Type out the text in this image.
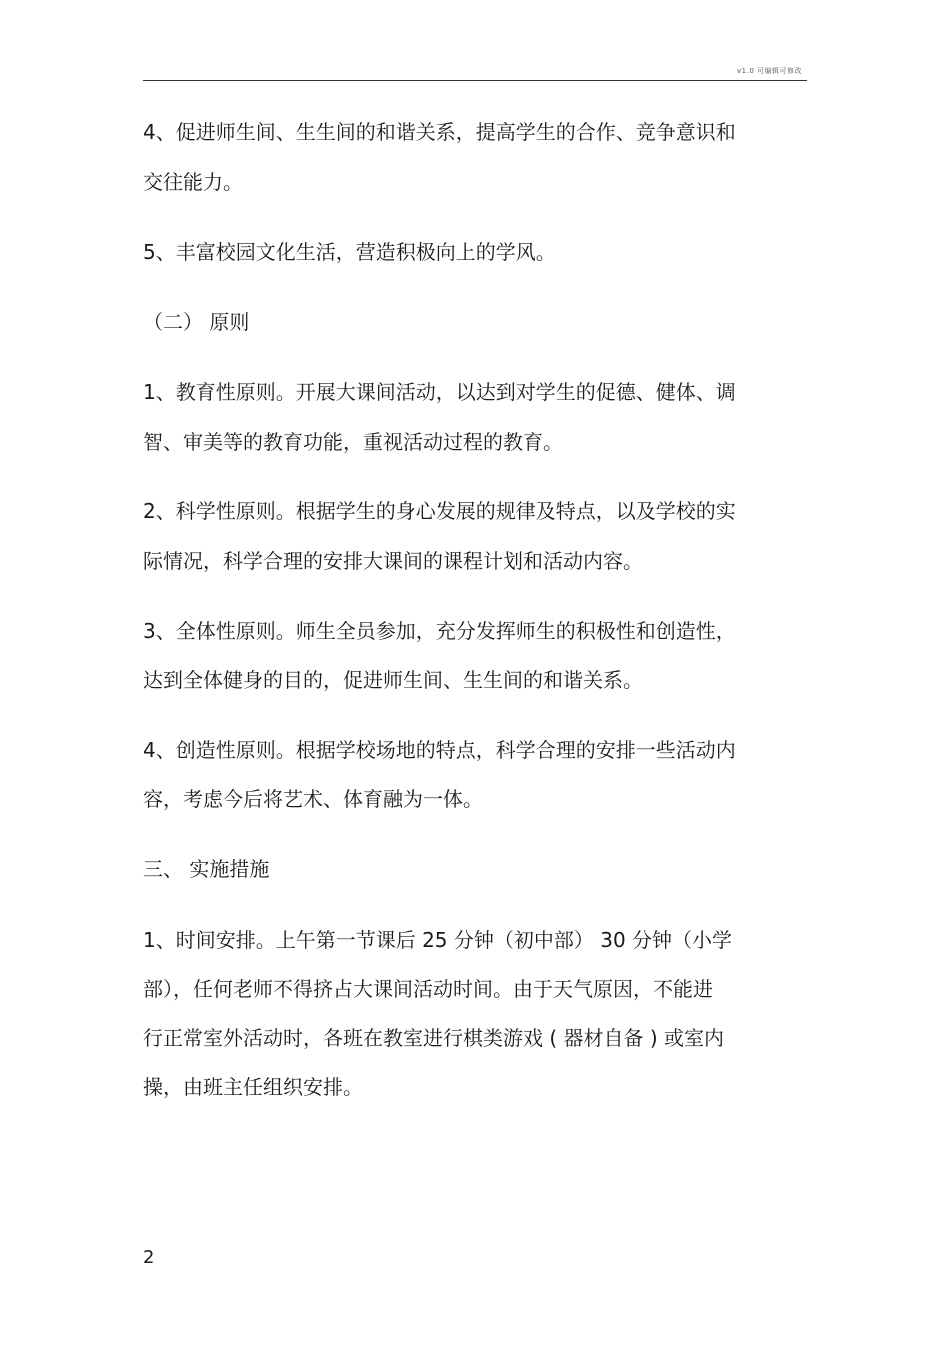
v1.0 可编辑可修改
4、促进师生间、生生间的和谐关系，提高学生的合作、竞争意识和
交往能力。
5、丰富校园文化生活，营造积极向上的学风。
（二） 原则
1、教育性原则。开展大课间活动，以达到对学生的促德、健体、调
智、审美等的教育功能，重视活动过程的教育。
2、科学性原则。根据学生的身心发展的规律及特点，以及学校的实
际情况，科学合理的安排大课间的课程计划和活动内容。
3、全体性原则。师生全员参加，充分发挥师生的积极性和创造性，
达到全体健身的目的，促进师生间、生生间的和谐关系。
4、创造性原则。根据学校场地的特点，科学合理的安排一些活动内
容，考虑今后将艺术、体育融为一体。
三、 实施措施
1、时间安排。上午第一节课后 25 分钟（初中部） 30 分钟（小学
部），任何老师不得挤占大课间活动时间。由于天气原因，不能进
行正常室外活动时，各班在教室进行棋类游戏 ( 器材自备 ) 或室内
操，由班主任组织安排。
2
